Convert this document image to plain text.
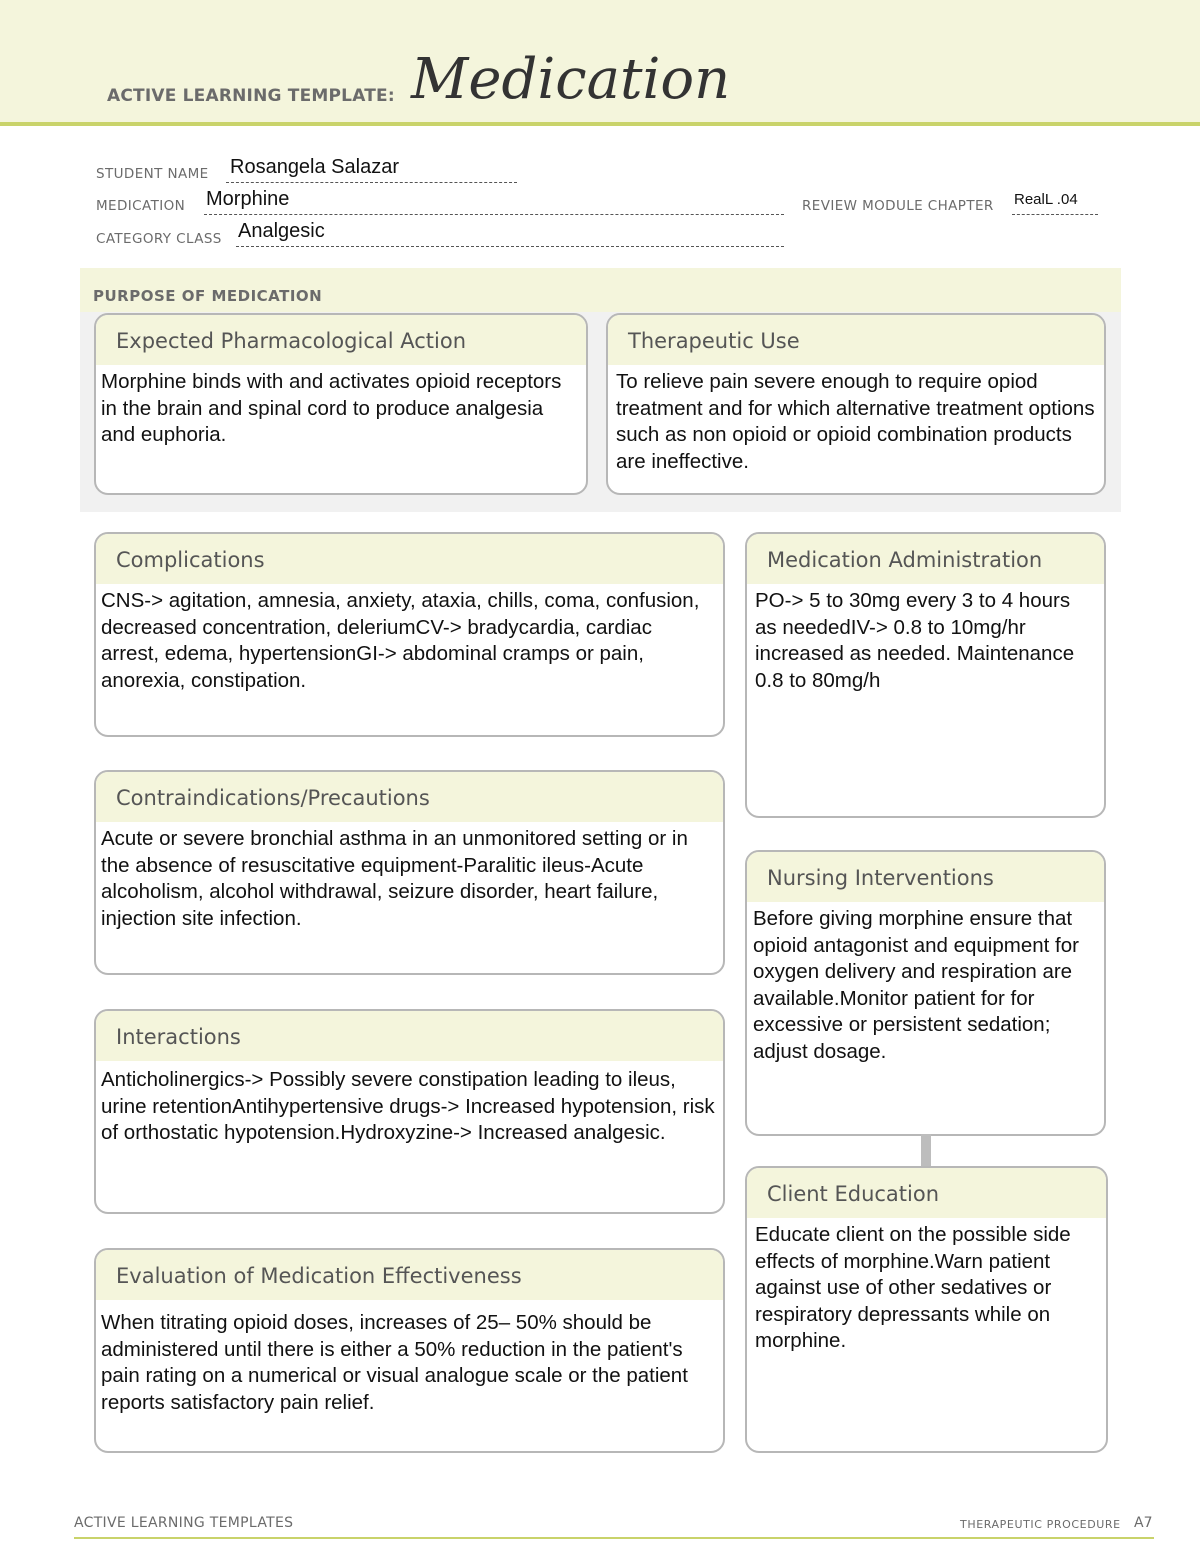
ACTIVE LEARNING TEMPLATE: Medication
STUDENT NAME Rosangela Salazar
MEDICATION Morphine	REVIEW MODULE CHAPTER RealL .04
CATEGORY CLASS Analgesic
PURPOSE OF MEDICATION
Expected Pharmacological Action
Morphine binds with and activates opioid receptors in the brain and spinal cord to produce analgesia and euphoria.
Therapeutic Use
To relieve pain severe enough to require opiod treatment and for which alternative treatment options such as non opioid or opioid combination products are ineffective.
Complications
CNS-> agitation, amnesia, anxiety, ataxia, chills, coma, confusion, decreased concentration, deleriumCV-> bradycardia, cardiac arrest, edema, hypertensionGI-> abdominal cramps or pain, anorexia, constipation.
Contraindications/Precautions
Acute or severe bronchial asthma in an unmonitored setting or in the absence of resuscitative equipment-Paralitic ileus-Acute alcoholism, alcohol withdrawal, seizure disorder, heart failure, injection site infection.
Interactions
Anticholinergics-> Possibly severe constipation leading to ileus, urine retentionAntihypertensive drugs-> Increased hypotension, risk of orthostatic hypotension.Hydroxyzine-> Increased analgesic.
Evaluation of Medication Effectiveness
When titrating opioid doses, increases of 25– 50% should be administered until there is either a 50% reduction in the patient's pain rating on a numerical or visual analogue scale or the patient reports satisfactory pain relief.
Medication Administration
PO-> 5 to 30mg every 3 to 4 hours as neededIV-> 0.8 to 10mg/hr increased as needed. Maintenance 0.8 to 80mg/h
Nursing Interventions
Before giving morphine ensure that opioid antagonist and equipment for oxygen delivery and respiration are available.Monitor patient for for excessive or persistent sedation; adjust dosage.
Client Education
Educate client on the possible side effects of morphine.Warn patient against use of other sedatives or respiratory depressants while on morphine.
ACTIVE LEARNING TEMPLATES	THERAPEUTIC PROCEDURE A7
